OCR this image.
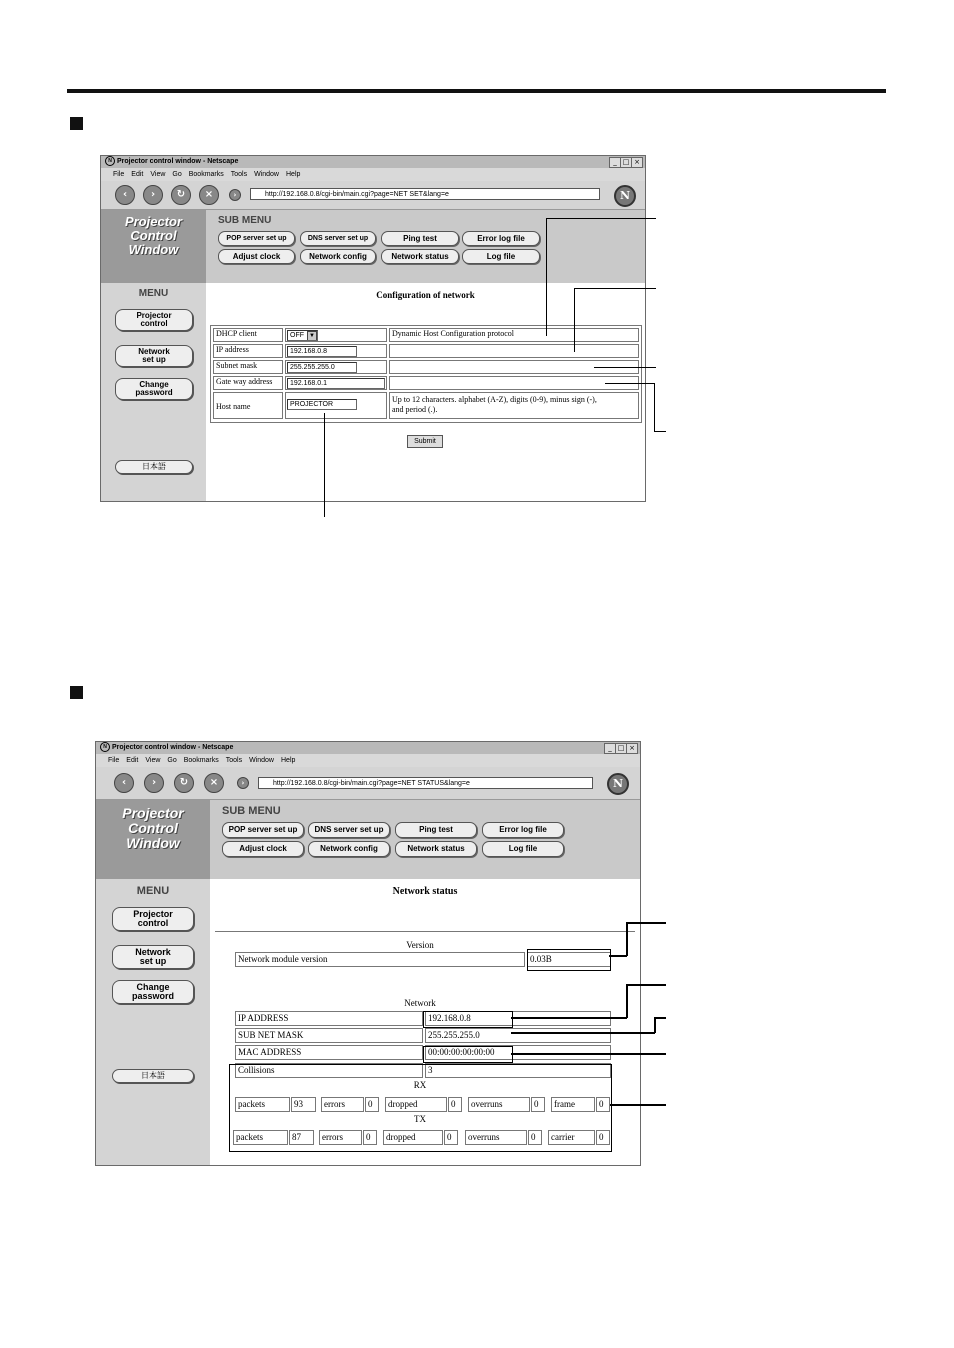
N Projector control window - Netscape	_ □ ×
File Edit View Go Bookmarks Tools Window Help
‹	›	↻	×	›	http://192.168.0.8/cgi-bin/main.cgi?page=NET SET&lang=e	N
Projector
Control
Window
SUB MENU
POP server set up	DNS server set up	Ping test	Error log file
Adjust clock	Network config	Network status	Log file
MENU
Projector
control
Network
set up
Change
password
日本語
Configuration of network
DHCP client	OFF ▼	Dynamic Host Configuration protocol
IP address	192.168.0.8
Subnet mask	255.255.255.0
Gate way address	192.168.0.1
Host name	PROJECTOR
Up to 12 characters. alphabet (A-Z), digits (0-9), minus sign (-),
and period (.).
Submit
N Projector control window - Netscape	_ □ ×
File Edit View Go Bookmarks Tools Window Help
‹	›	↻	×	›	http://192.168.0.8/cgi-bin/main.cgi?page=NET STATUS&lang=e	N
Projector
Control
Window
SUB MENU
POP server set up	DNS server set up	Ping test	Error log file
Adjust clock	Network config	Network status	Log file
MENU
Projector
control
Network
set up
Change
password
日本語
Network status
Version
Network module version	0.03B
Network
IP ADDRESS	192.168.0.8
SUB NET MASK	255.255.255.0
MAC ADDRESS	00:00:00:00:00:00
Collisions	3
RX
packets	93	errors	0	dropped	0	overruns	0	frame	0
TX
packets	87	errors	0	dropped	0	overruns	0	carrier	0
